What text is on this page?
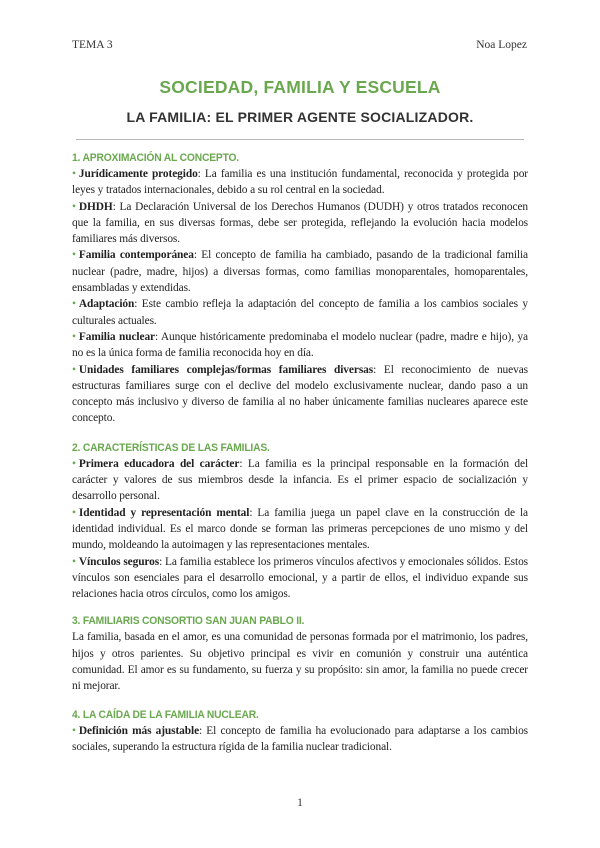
TEMA 3	Noa Lopez
SOCIEDAD, FAMILIA Y ESCUELA
LA FAMILIA: EL PRIMER AGENTE SOCIALIZADOR.
1. APROXIMACIÓN AL CONCEPTO.

• Jurídicamente protegido: La familia es una institución fundamental, reconocida y protegida por leyes y tratados internacionales, debido a su rol central en la sociedad.

• DHDH: La Declaración Universal de los Derechos Humanos (DUDH) y otros tratados reconocen que la familia, en sus diversas formas, debe ser protegida, reflejando la evolución hacia modelos familiares más diversos.

• Familia contemporánea: El concepto de familia ha cambiado, pasando de la tradicional familia nuclear (padre, madre, hijos) a diversas formas, como familias monoparentales, homoparentales, ensambladas y extendidas.

• Adaptación: Este cambio refleja la adaptación del concepto de familia a los cambios sociales y culturales actuales.

• Familia nuclear: Aunque históricamente predominaba el modelo nuclear (padre, madre e hijo), ya no es la única forma de familia reconocida hoy en día.

• Unidades familiares complejas/formas familiares diversas: El reconocimiento de nuevas estructuras familiares surge con el declive del modelo exclusivamente nuclear, dando paso a un concepto más inclusivo y diverso de familia al no haber únicamente familias nucleares aparece este concepto.

2. CARACTERÍSTICAS DE LAS FAMILIAS.

• Primera educadora del carácter: La familia es la principal responsable en la formación del carácter y valores de sus miembros desde la infancia. Es el primer espacio de socialización y desarrollo personal.

• Identidad y representación mental: La familia juega un papel clave en la construcción de la identidad individual. Es el marco donde se forman las primeras percepciones de uno mismo y del mundo, moldeando la autoimagen y las representaciones mentales.

• Vínculos seguros: La familia establece los primeros vínculos afectivos y emocionales sólidos. Estos vínculos son esenciales para el desarrollo emocional, y a partir de ellos, el individuo expande sus relaciones hacia otros círculos, como los amigos.

3. FAMILIARIS CONSORTIO SAN JUAN PABLO II.

La familia, basada en el amor, es una comunidad de personas formada por el matrimonio, los padres, hijos y otros parientes. Su objetivo principal es vivir en comunión y construir una auténtica comunidad. El amor es su fundamento, su fuerza y su propósito: sin amor, la familia no puede crecer ni mejorar.

4. LA CAÍDA DE LA FAMILIA NUCLEAR.

• Definición más ajustable: El concepto de familia ha evolucionado para adaptarse a los cambios sociales, superando la estructura rígida de la familia nuclear tradicional.

1
